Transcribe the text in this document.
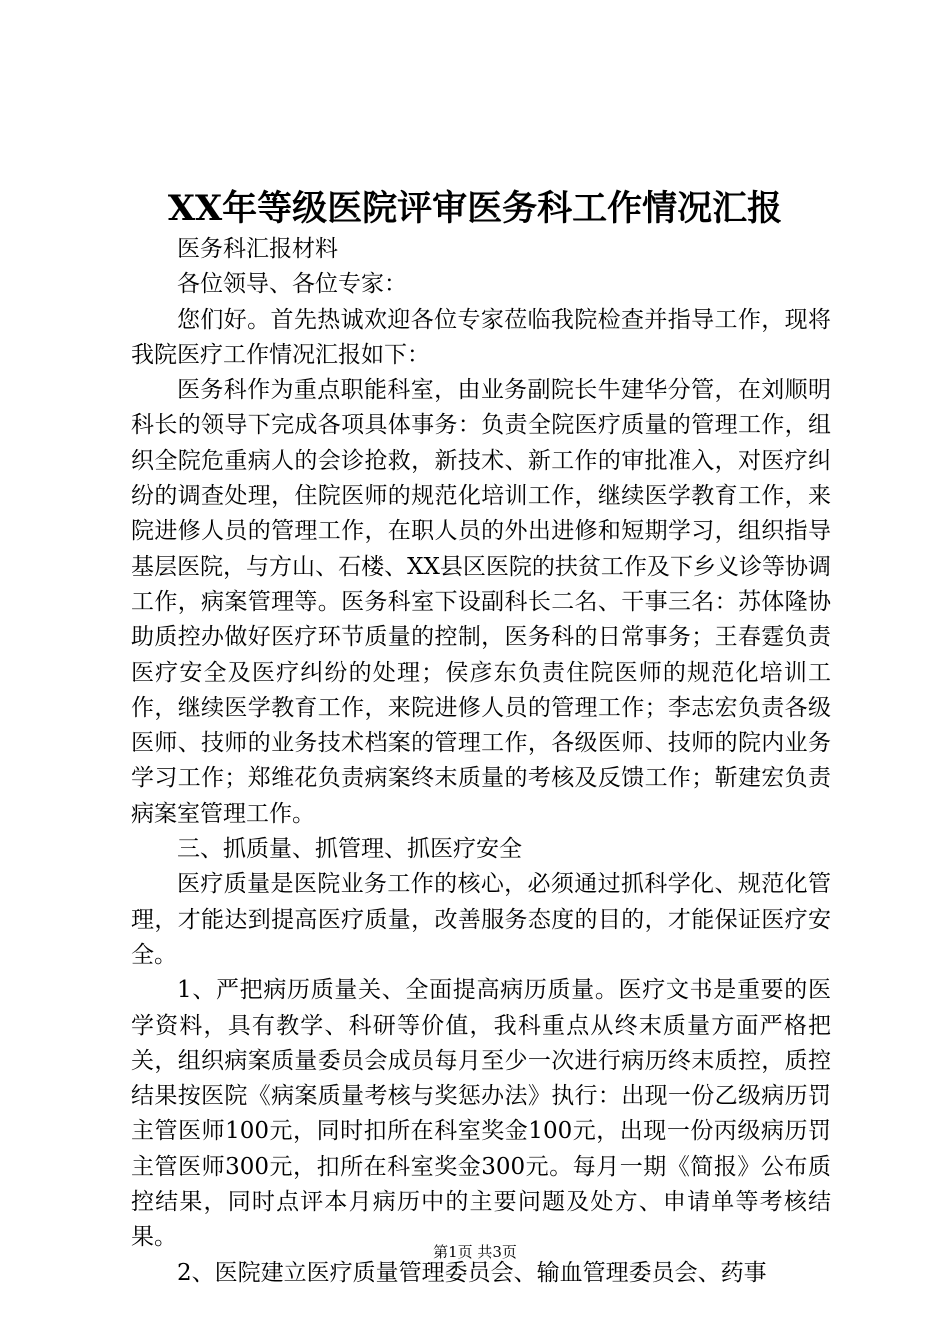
XX年等级医院评审医务科工作情况汇报

医务科汇报材料

各位领导、各位专家：

您们好。首先热诚欢迎各位专家莅临我院检查并指导工作，现将我院医疗工作情况汇报如下：

医务科作为重点职能科室，由业务副院长牛建华分管，在刘顺明科长的领导下完成各项具体事务：负责全院医疗质量的管理工作，组织全院危重病人的会诊抢救，新技术、新工作的审批准入，对医疗纠纷的调查处理，住院医师的规范化培训工作，继续医学教育工作，来院进修人员的管理工作，在职人员的外出进修和短期学习，组织指导基层医院，与方山、石楼、XX县区医院的扶贫工作及下乡义诊等协调工作，病案管理等。医务科室下设副科长二名、干事三名：苏体隆协助质控办做好医疗环节质量的控制，医务科的日常事务；王春霆负责医疗安全及医疗纠纷的处理；侯彦东负责住院医师的规范化培训工作，继续医学教育工作，来院进修人员的管理工作；李志宏负责各级医师、技师的业务技术档案的管理工作，各级医师、技师的院内业务学习工作；郑维花负责病案终末质量的考核及反馈工作；靳建宏负责病案室管理工作。

三、抓质量、抓管理、抓医疗安全

医疗质量是医院业务工作的核心，必须通过抓科学化、规范化管理，才能达到提高医疗质量，改善服务态度的目的，才能保证医疗安全。

1、严把病历质量关、全面提高病历质量。医疗文书是重要的医学资料，具有教学、科研等价值，我科重点从终末质量方面严格把关，组织病案质量委员会成员每月至少一次进行病历终末质控，质控结果按医院《病案质量考核与奖惩办法》执行：出现一份乙级病历罚主管医师100元，同时扣所在科室奖金100元，出现一份丙级病历罚主管医师300元，扣所在科室奖金300元。每月一期《简报》公布质控结果，同时点评本月病历中的主要问题及处方、申请单等考核结果。

2、医院建立医疗质量管理委员会、输血管理委员会、药事

第1页 共3页
